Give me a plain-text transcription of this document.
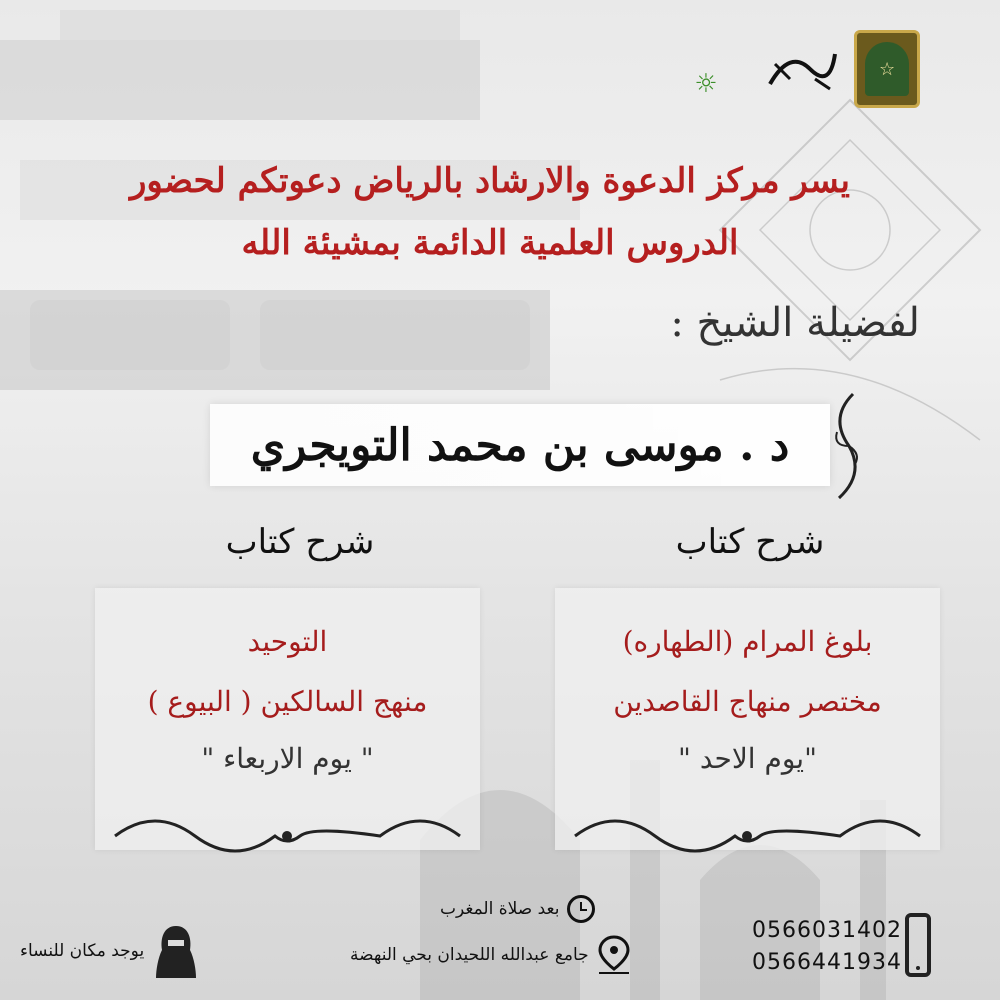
☆
☼
يسر مركز الدعوة والارشاد بالرياض دعوتكم لحضور
الدروس العلمية الدائمة بمشيئة الله
لفضيلة الشيخ :
د . موسى بن محمد التويجري
شرح كتاب	شرح كتاب
التوحيد
منهج السالكين ( البيوع )
" يوم الاربعاء "
بلوغ المرام (الطهاره)
مختصر منهاج القاصدين
"يوم الاحد "
بعد صلاة المغرب
جامع عبدالله اللحيدان بحي النهضة
0566031402
0566441934
يوجد مكان للنساء
